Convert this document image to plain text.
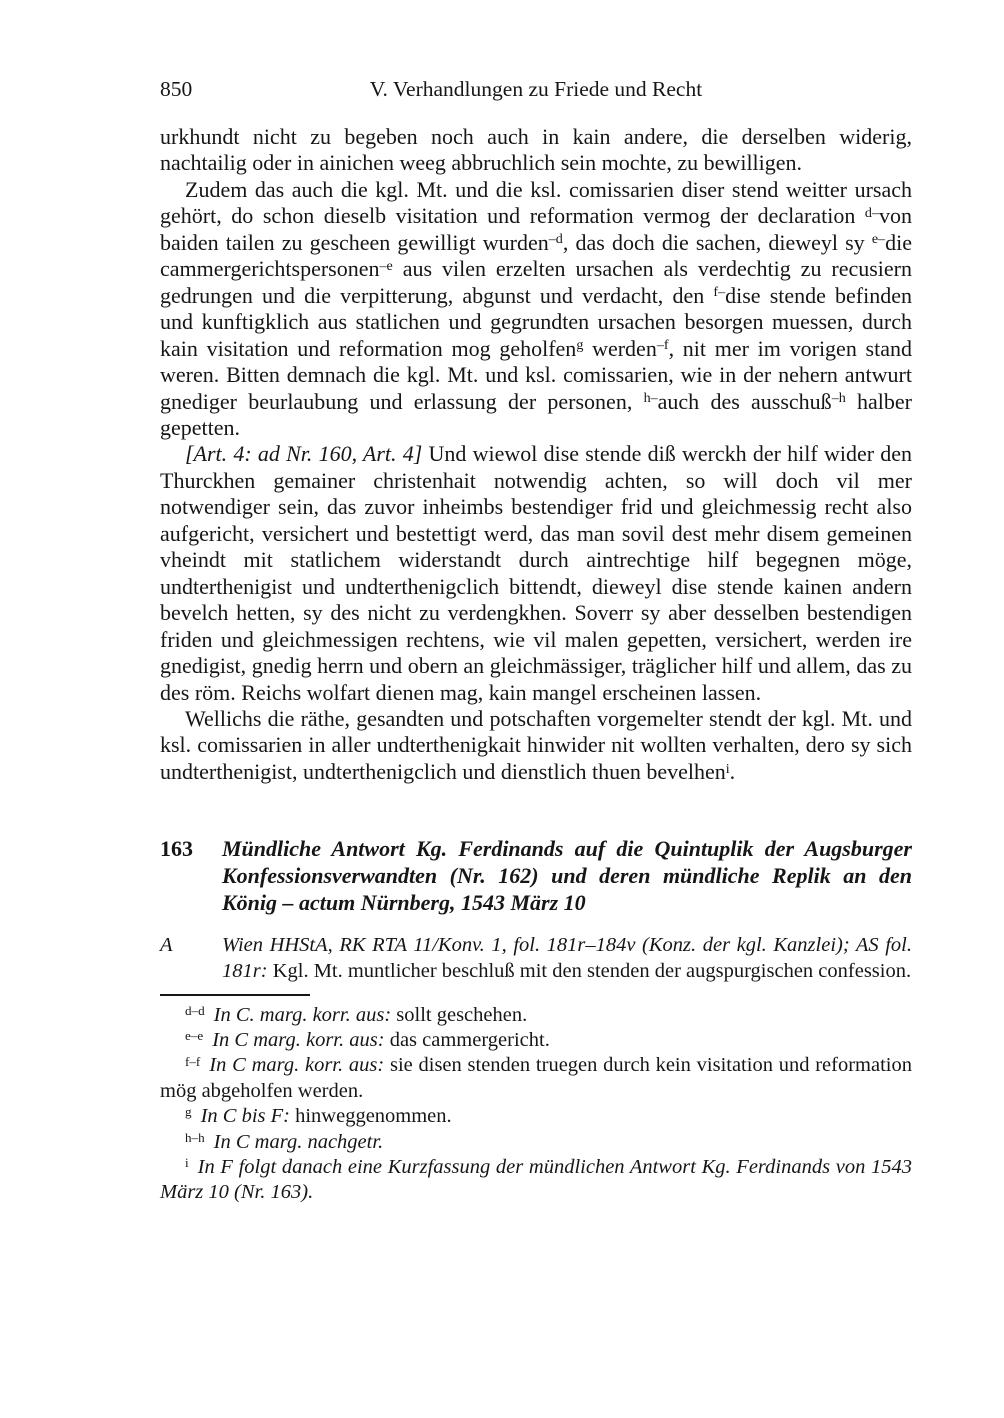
850	V. Verhandlungen zu Friede und Recht

urkhundt nicht zu begeben noch auch in kain andere, die derselben widerig, nachtailig oder in ainichen weeg abbruchlich sein mochte, zu bewilligen.

Zudem das auch die kgl. Mt. und die ksl. comissarien diser stend weitter ursach gehört, do schon dieselb visitation und reformation vermog der declaration d–von baiden tailen zu gescheen gewilligt wurden–d, das doch die sachen, dieweyl sy e–die cammergerichtspersonen–e aus vilen erzelten ursachen als verdechtig zu recusiern gedrungen und die verpitterung, abgunst und verdacht, den f–dise stende befinden und kunftigklich aus statlichen und gegrundten ursachen besorgen muessen, durch kain visitation und reformation mog geholfeng werden–f, nit mer im vorigen stand weren. Bitten demnach die kgl. Mt. und ksl. comissarien, wie in der nehern antwurt gnediger beurlaubung und erlassung der personen, h–auch des ausschuß–h halber gepetten.

[Art. 4: ad Nr. 160, Art. 4] Und wiewol dise stende diß werckh der hilf wider den Thurckhen gemainer christenhait notwendig achten, so will doch vil mer notwendiger sein, das zuvor inheimbs bestendiger frid und gleichmessig recht also aufgericht, versichert und bestettigt werd, das man sovil dest mehr disem gemeinen vheindt mit statlichem widerstandt durch aintrechtige hilf begegnen möge, undterthenigist und undterthenigclich bittendt, dieweyl dise stende kainen andern bevelch hetten, sy des nicht zu verdengkhen. Soverr sy aber desselben bestendigen friden und gleichmessigen rechtens, wie vil malen gepetten, versichert, werden ire gnedigist, gnedig herrn und obern an gleichmässiger, träglicher hilf und allem, das zu des röm. Reichs wolfart dienen mag, kain mangel erscheinen lassen.

Wellichs die räthe, gesandten und potschaften vorgemelter stendt der kgl. Mt. und ksl. comissarien in aller undterthenigkait hinwider nit wollten verhalten, dero sy sich undterthenigist, undterthenigclich und dienstlich thuen bevelheni.

163	Mündliche Antwort Kg. Ferdinands auf die Quintuplik der Augsburger Konfessionsverwandten (Nr. 162) und deren mündliche Replik an den König – actum Nürnberg, 1543 März 10
A	Wien HHStA, RK RTA 11/Konv. 1, fol. 181r–184v (Konz. der kgl. Kanzlei); AS fol. 181r: Kgl. Mt. muntlicher beschluß mit den stenden der augspurgischen confession.

d–d In C. marg. korr. aus: sollt geschehen.

e–e In C marg. korr. aus: das cammergericht.

f–f In C marg. korr. aus: sie disen stenden truegen durch kein visitation und reformation mög abgeholfen werden.

g In C bis F: hinweggenommen.

h–h In C marg. nachgetr.

i In F folgt danach eine Kurzfassung der mündlichen Antwort Kg. Ferdinands von 1543 März 10 (Nr. 163).
